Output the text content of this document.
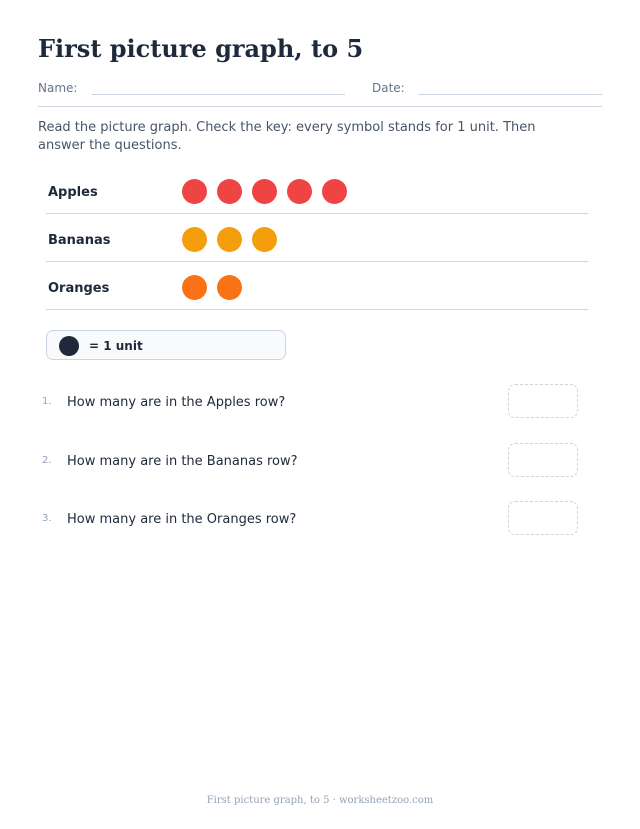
First picture graph, to 5
Name:	Date:
Read the picture graph. Check the key: every symbol stands for 1 unit. Then answer the questions.
Apples
Bananas
Oranges
= 1 unit
1. How many are in the Apples row?
2. How many are in the Bananas row?
3. How many are in the Oranges row?
First picture graph, to 5 · worksheetzoo.com
